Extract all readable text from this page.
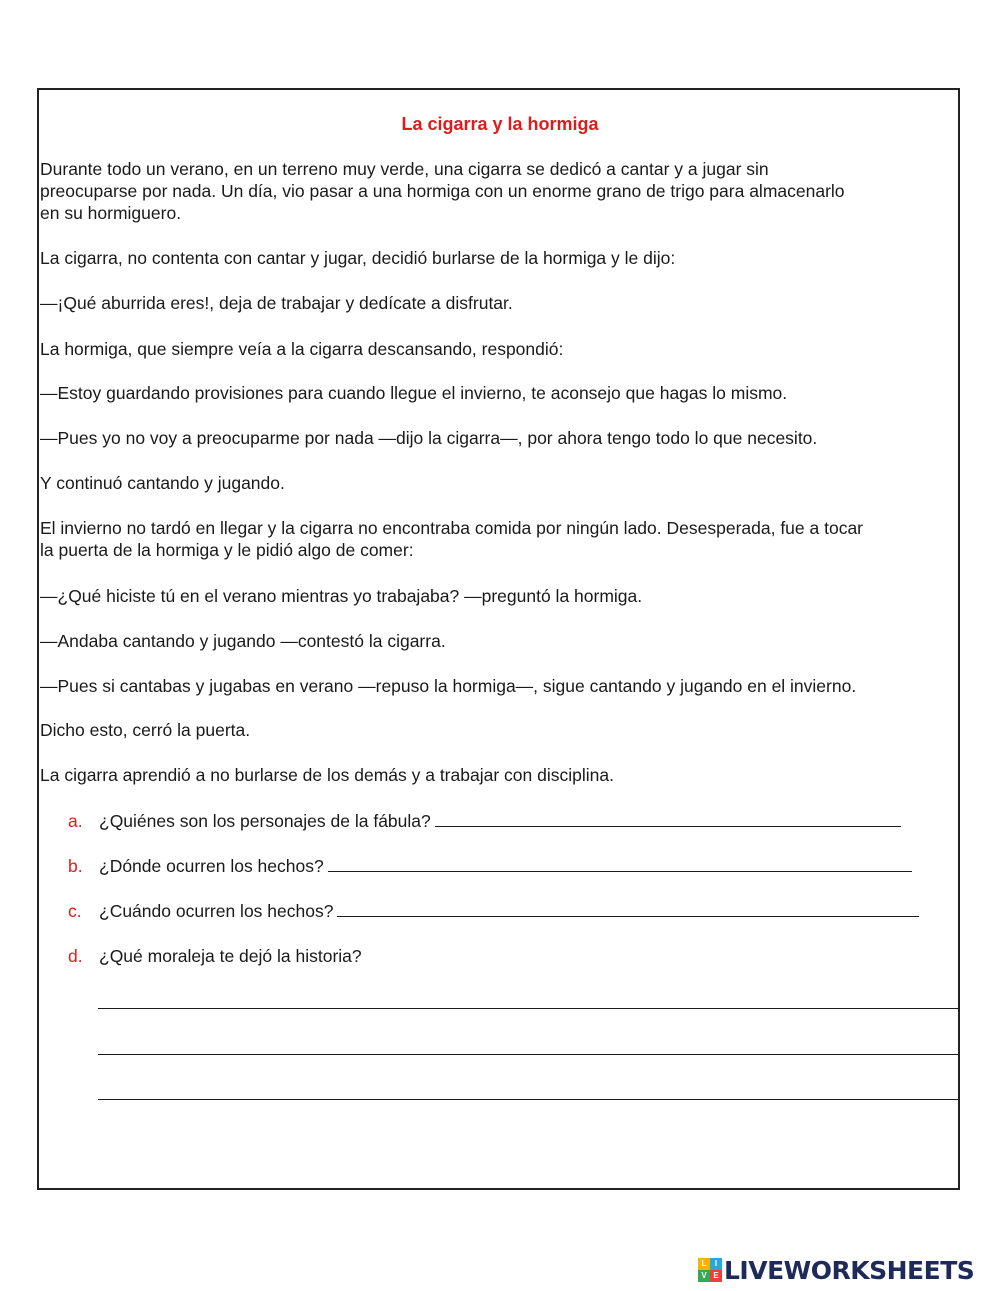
La cigarra y la hormiga
Durante todo un verano, en un terreno muy verde, una cigarra se dedicó a cantar y a jugar sin
preocuparse por nada. Un día, vio pasar a una hormiga con un enorme grano de trigo para almacenarlo
en su hormiguero.
La cigarra, no contenta con cantar y jugar, decidió burlarse de la hormiga y le dijo:
—¡Qué aburrida eres!, deja de trabajar y dedícate a disfrutar.
La hormiga, que siempre veía a la cigarra descansando, respondió:
—Estoy guardando provisiones para cuando llegue el invierno, te aconsejo que hagas lo mismo.
—Pues yo no voy a preocuparme por nada —dijo la cigarra—, por ahora tengo todo lo que necesito.
Y continuó cantando y jugando.
El invierno no tardó en llegar y la cigarra no encontraba comida por ningún lado. Desesperada, fue a tocar
la puerta de la hormiga y le pidió algo de comer:
—¿Qué hiciste tú en el verano mientras yo trabajaba? —preguntó la hormiga.
—Andaba cantando y jugando —contestó la cigarra.
—Pues si cantabas y jugabas en verano —repuso la hormiga—, sigue cantando y jugando en el invierno.
Dicho esto, cerró la puerta.
La cigarra aprendió a no burlarse de los demás y a trabajar con disciplina.
a. ¿Quiénes son los personajes de la fábula?
b. ¿Dónde ocurren los hechos?
c. ¿Cuándo ocurren los hechos?
d. ¿Qué moraleja te dejó la historia?
L	I
V E LIVEWORKSHEETS
